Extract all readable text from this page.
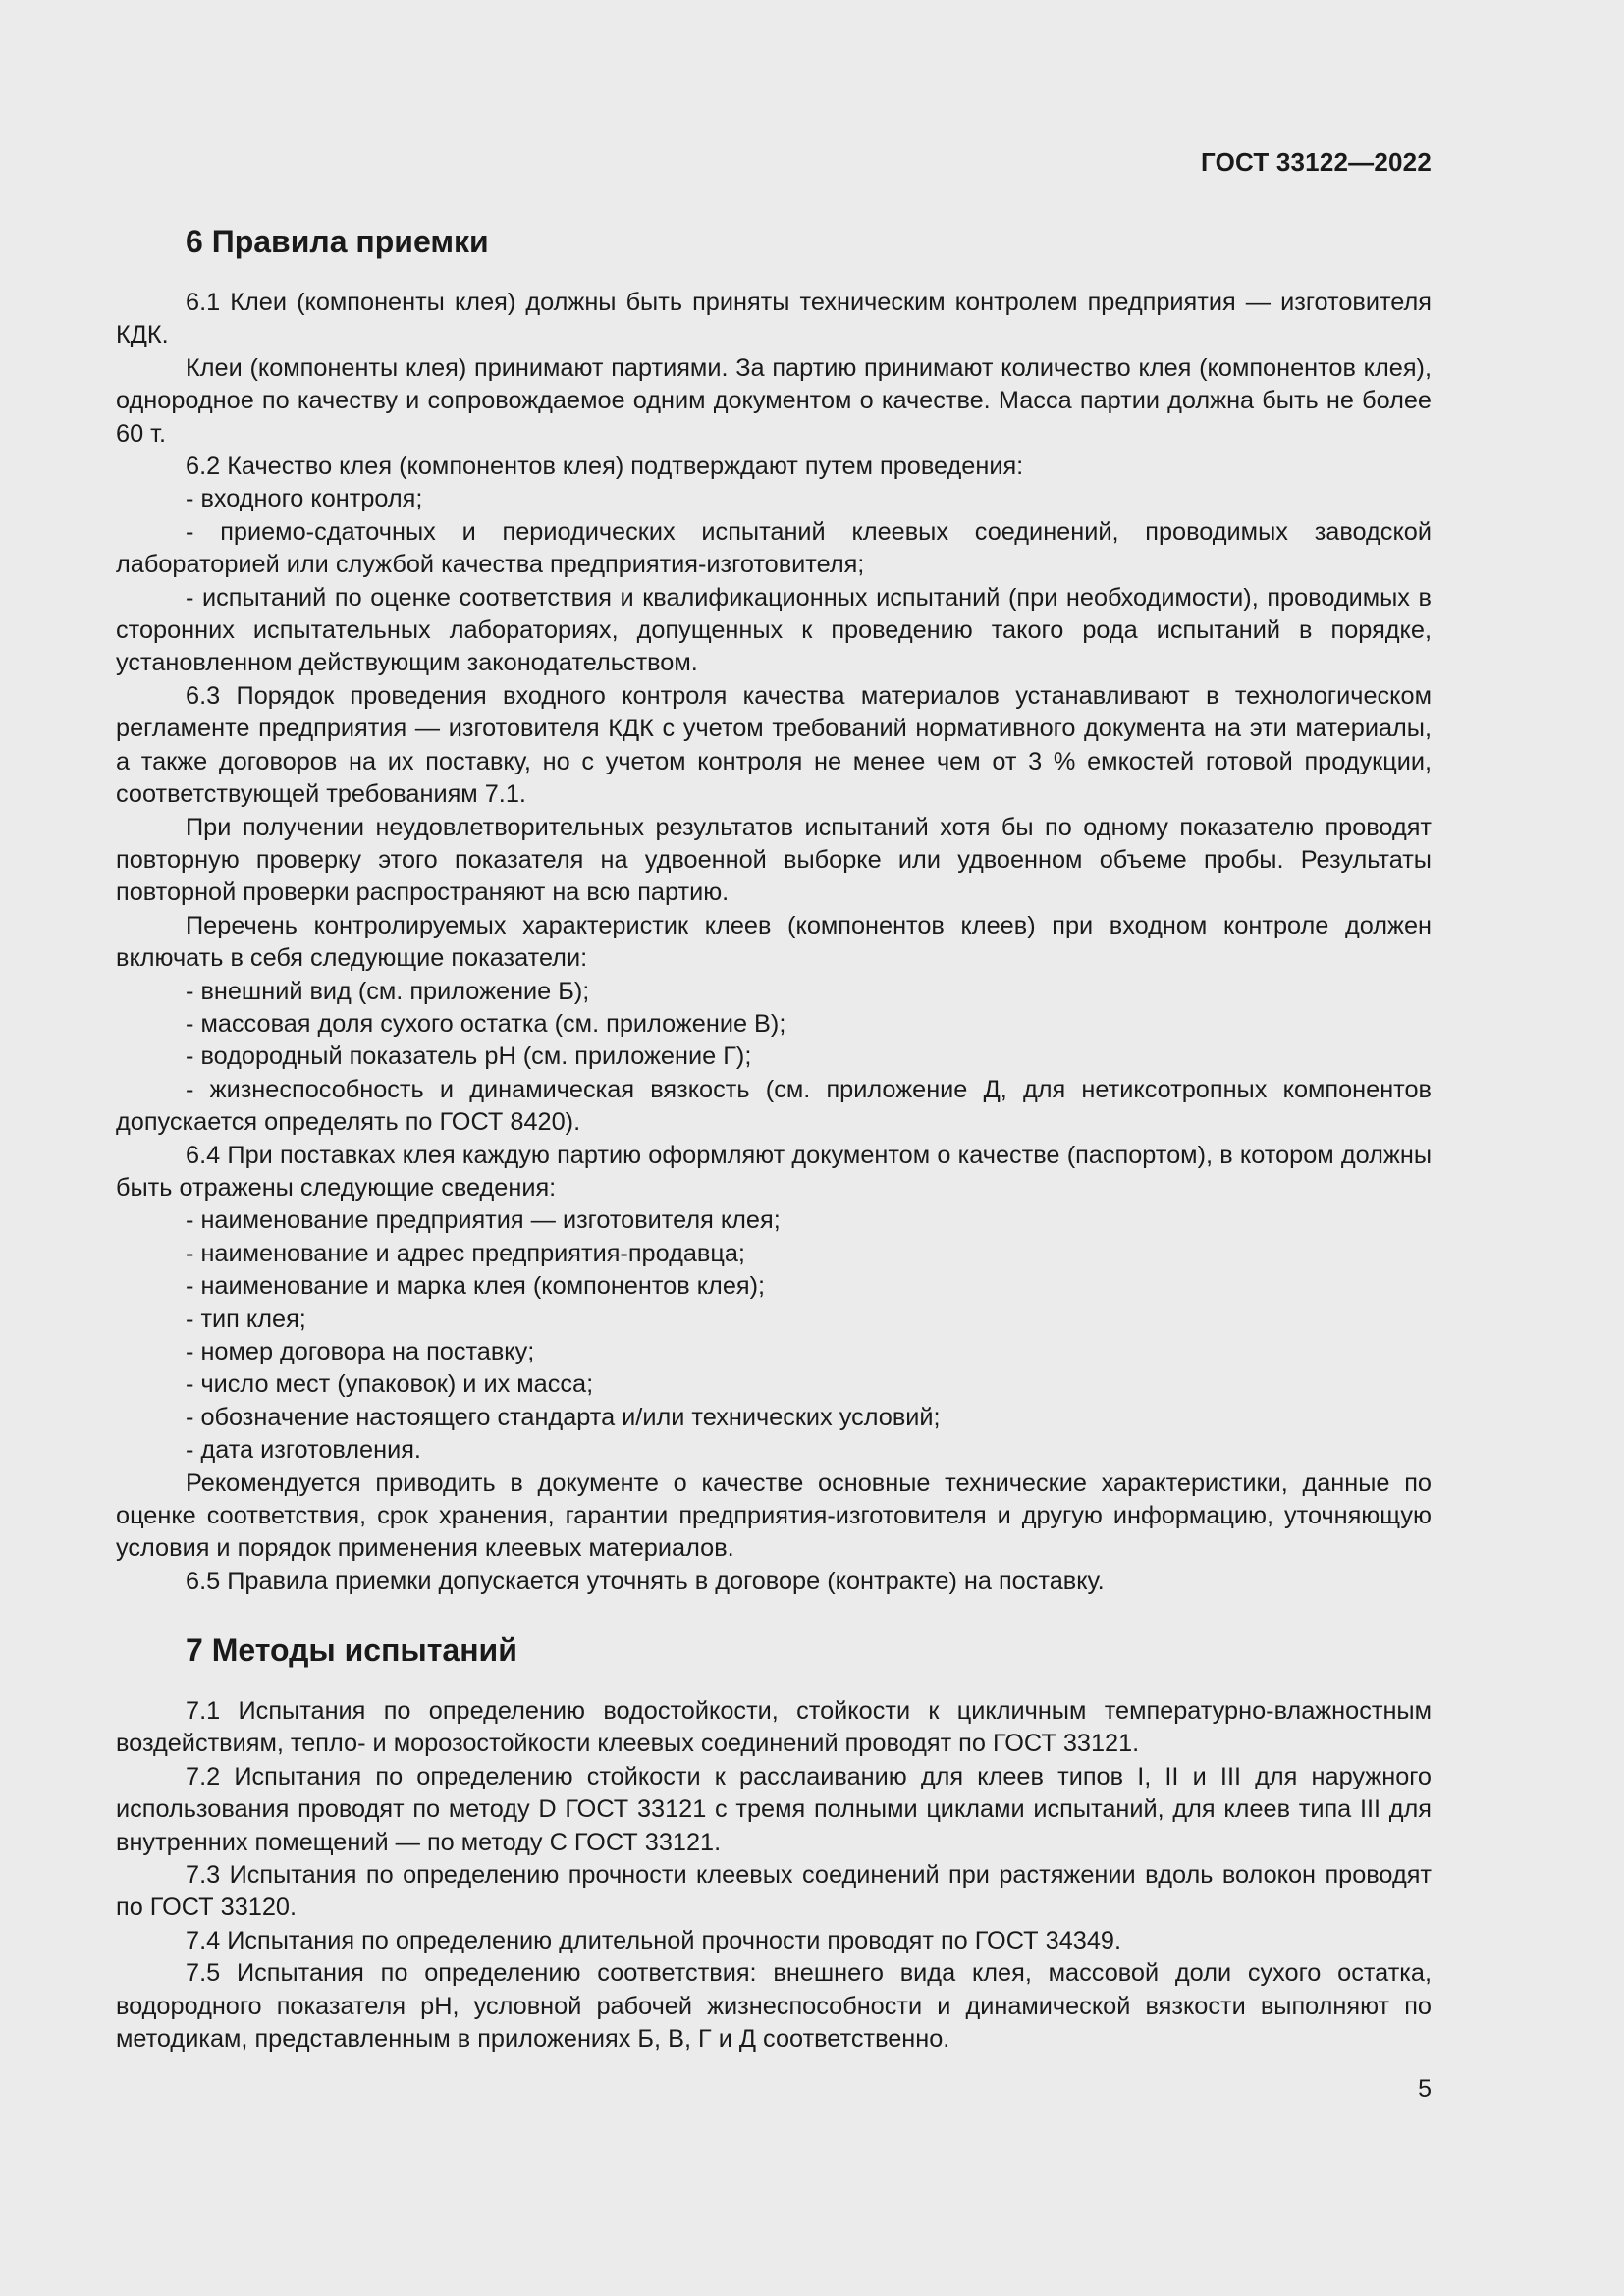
ГОСТ 33122—2022
6 Правила приемки

6.1 Клеи (компоненты клея) должны быть приняты техническим контролем предприятия — изготовителя КДК.

Клеи (компоненты клея) принимают партиями. За партию принимают количество клея (компонентов клея), однородное по качеству и сопровождаемое одним документом о качестве. Масса партии должна быть не более 60 т.

6.2 Качество клея (компонентов клея) подтверждают путем проведения:

- входного контроля;

- приемо-сдаточных и периодических испытаний клеевых соединений, проводимых заводской лабораторией или службой качества предприятия-изготовителя;

- испытаний по оценке соответствия и квалификационных испытаний (при необходимости), проводимых в сторонних испытательных лабораториях, допущенных к проведению такого рода испытаний в порядке, установленном действующим законодательством.

6.3 Порядок проведения входного контроля качества материалов устанавливают в технологическом регламенте предприятия — изготовителя КДК с учетом требований нормативного документа на эти материалы, а также договоров на их поставку, но с учетом контроля не менее чем от 3 % емкостей готовой продукции, соответствующей требованиям 7.1.

При получении неудовлетворительных результатов испытаний хотя бы по одному показателю проводят повторную проверку этого показателя на удвоенной выборке или удвоенном объеме пробы. Результаты повторной проверки распространяют на всю партию.

Перечень контролируемых характеристик клеев (компонентов клеев) при входном контроле должен включать в себя следующие показатели:

- внешний вид (см. приложение Б);

- массовая доля сухого остатка (см. приложение В);

- водородный показатель рН (см. приложение Г);

- жизнеспособность и динамическая вязкость (см. приложение Д, для нетиксотропных компонентов допускается определять по ГОСТ 8420).

6.4 При поставках клея каждую партию оформляют документом о качестве (паспортом), в котором должны быть отражены следующие сведения:

- наименование предприятия — изготовителя клея;

- наименование и адрес предприятия-продавца;

- наименование и марка клея (компонентов клея);

- тип клея;

- номер договора на поставку;

- число мест (упаковок) и их масса;

- обозначение настоящего стандарта и/или технических условий;

- дата изготовления.

Рекомендуется приводить в документе о качестве основные технические характеристики, данные по оценке соответствия, срок хранения, гарантии предприятия-изготовителя и другую информацию, уточняющую условия и порядок применения клеевых материалов.

6.5 Правила приемки допускается уточнять в договоре (контракте) на поставку.

7 Методы испытаний

7.1 Испытания по определению водостойкости, стойкости к цикличным температурно-влажностным воздействиям, тепло- и морозостойкости клеевых соединений проводят по ГОСТ 33121.

7.2 Испытания по определению стойкости к расслаиванию для клеев типов I, II и III для наружного использования проводят по методу D ГОСТ 33121 с тремя полными циклами испытаний, для клеев типа III для внутренних помещений — по методу С ГОСТ 33121.

7.3 Испытания по определению прочности клеевых соединений при растяжении вдоль волокон проводят по ГОСТ 33120.

7.4 Испытания по определению длительной прочности проводят по ГОСТ 34349.

7.5 Испытания по определению соответствия: внешнего вида клея, массовой доли сухого остатка, водородного показателя рН, условной рабочей жизнеспособности и динамической вязкости выполняют по методикам, представленным в приложениях Б, В, Г и Д соответственно.

5
